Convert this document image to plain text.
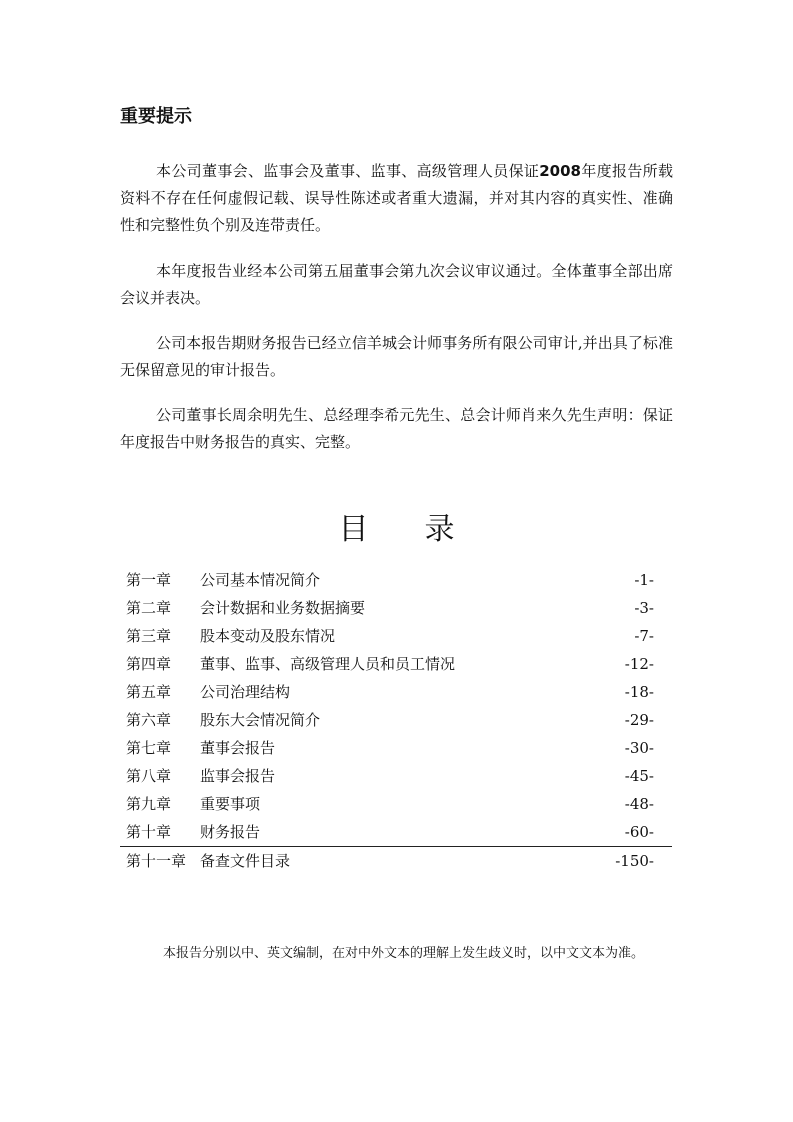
重要提示

本公司董事会、监事会及董事、监事、高级管理人员保证2008年度报告所载资料不存在任何虚假记载、误导性陈述或者重大遗漏，并对其内容的真实性、准确性和完整性负个别及连带责任。

本年度报告业经本公司第五届董事会第九次会议审议通过。全体董事全部出席会议并表决。

公司本报告期财务报告已经立信羊城会计师事务所有限公司审计,并出具了标准无保留意见的审计报告。

公司董事长周余明先生、总经理李希元先生、总会计师肖来久先生声明：保证年度报告中财务报告的真实、完整。

目 录
第一章 公司基本情况简介	-1-
第二章 会计数据和业务数据摘要	-3-
第三章 股本变动及股东情况	-7-
第四章 董事、监事、高级管理人员和员工情况	-12-
第五章 公司治理结构	-18-
第六章 股东大会情况简介	-29-
第七章 董事会报告	-30-
第八章 监事会报告	-45-
第九章 重要事项	-48-
第十章 财务报告	-60-
第十一章 备查文件目录	-150-

本报告分别以中、英文编制，在对中外文本的理解上发生歧义时，以中文文本为准。
